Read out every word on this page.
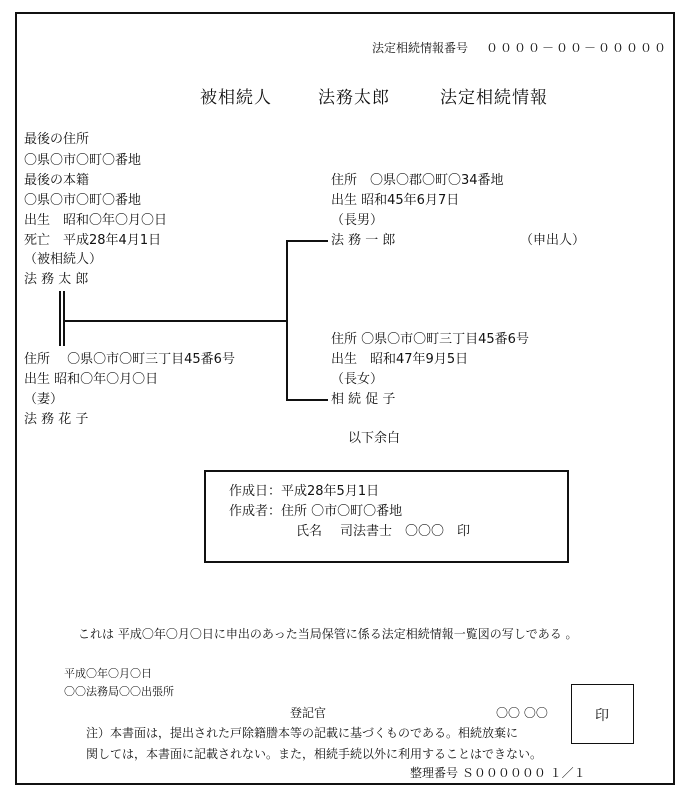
法定相続情報番号 ００００－００－０００００
被相続人	法務太郎	法定相続情報
最後の住所
〇県〇市〇町〇番地
最後の本籍
〇県〇市〇町〇番地
出生　昭和〇年〇月〇日
死亡　平成28年4月1日
（被相続人）
法 務 太 郎
住所　 〇県〇市〇町三丁目45番6号
出生 昭和〇年〇月〇日
（妻）
法 務 花 子
住所　〇県〇郡〇町〇34番地
出生 昭和45年6月7日
（長男）
法 務 一 郎	（申出人）
住所 〇県〇市〇町三丁目45番6号
出生　昭和47年9月5日
（長女）
相 続 促 子
以下余白
作成日：平成28年5月1日
作成者：住所 〇市〇町〇番地
氏名 司法書士　〇〇〇　印
これは 平成〇年〇月〇日に申出のあった当局保管に係る法定相続情報一覧図の写しである 。
平成〇年〇月〇日
〇〇法務局〇〇出張所
登記官	〇〇 〇〇	印
注）本書面は，提出された戸除籍謄本等の記載に基づくものである。相続放棄に
関しては，本書面に記載されない。また，相続手続以外に利用することはできない。
整理番号 Ｓ００００００ １／１
